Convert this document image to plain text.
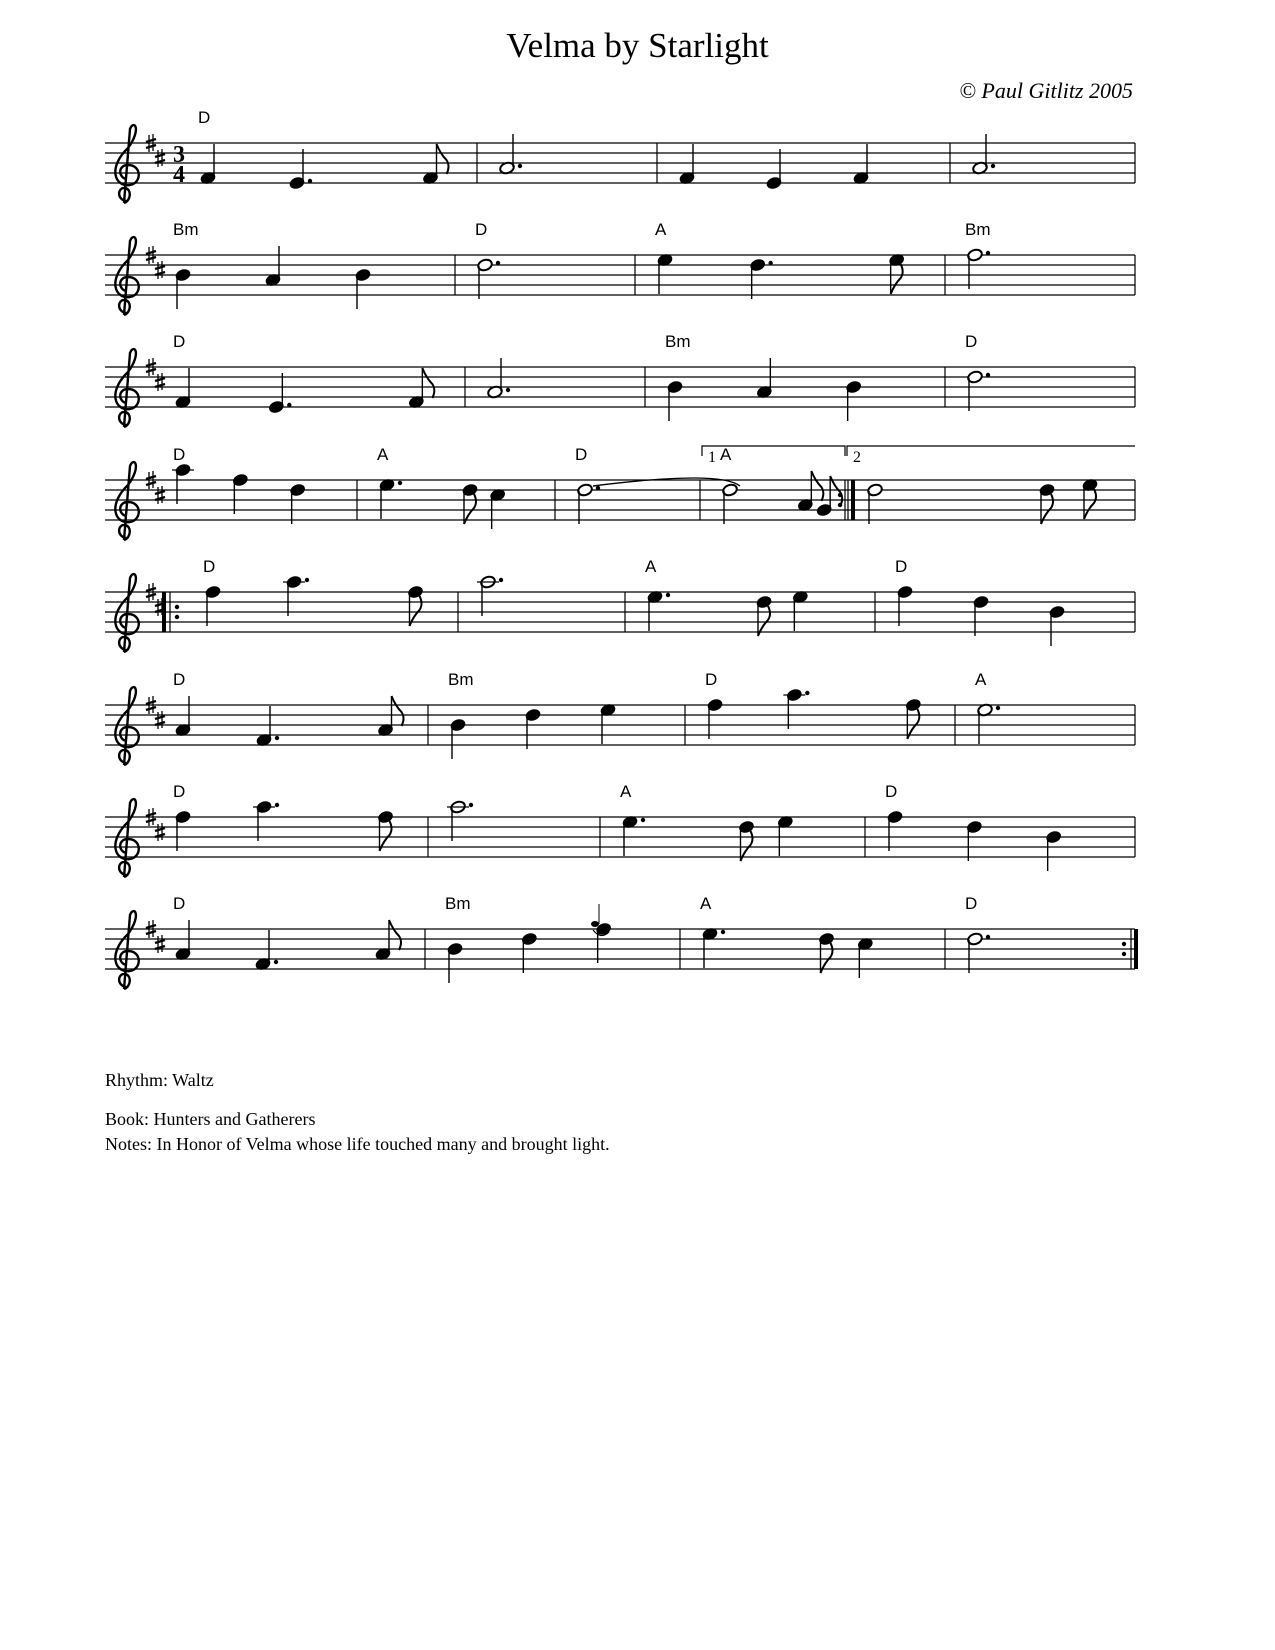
Velma by Starlight
© Paul Gitlitz 2005
3
4
D
Bm	D	A	Bm
D	Bm	D
D	A	D	A
1	2
D	A	D
D	Bm	D	A
D	A	D
D	Bm	A	D
Rhythm: Waltz
Book: Hunters and Gatherers
Notes: In Honor of Velma whose life touched many and brought light.
